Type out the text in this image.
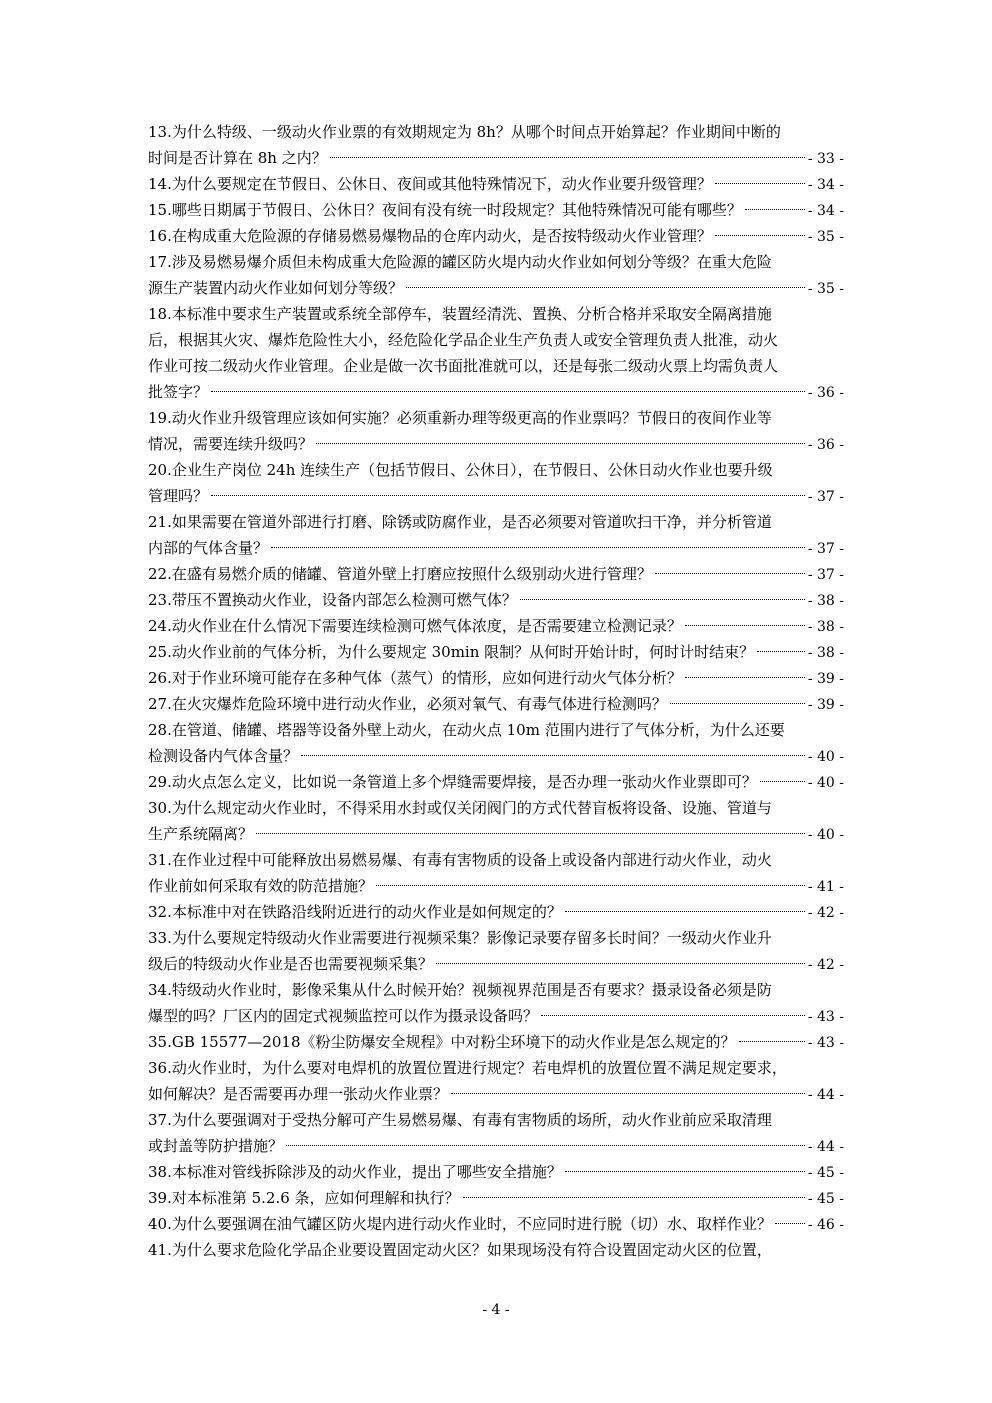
13.为什么特级、一级动火作业票的有效期规定为 8h？从哪个时间点开始算起？作业期间中断的
时间是否计算在 8h 之内？	- 33 -
14.为什么要规定在节假日、公休日、夜间或其他特殊情况下，动火作业要升级管理？	- 34 -
15.哪些日期属于节假日、公休日？夜间有没有统一时段规定？其他特殊情况可能有哪些？	- 34 -
16.在构成重大危险源的存储易燃易爆物品的仓库内动火，是否按特级动火作业管理？	- 35 -
17.涉及易燃易爆介质但未构成重大危险源的罐区防火堤内动火作业如何划分等级？在重大危险
源生产装置内动火作业如何划分等级？	- 35 -
18.本标准中要求生产装置或系统全部停车，装置经清洗、置换、分析合格并采取安全隔离措施
后，根据其火灾、爆炸危险性大小，经危险化学品企业生产负责人或安全管理负责人批准，动火
作业可按二级动火作业管理。企业是做一次书面批准就可以，还是每张二级动火票上均需负责人
批签字？	- 36 -
19.动火作业升级管理应该如何实施？必须重新办理等级更高的作业票吗？节假日的夜间作业等
情况，需要连续升级吗？	- 36 -
20.企业生产岗位 24h 连续生产（包括节假日、公休日），在节假日、公休日动火作业也要升级
管理吗？	- 37 -
21.如果需要在管道外部进行打磨、除锈或防腐作业，是否必须要对管道吹扫干净，并分析管道
内部的气体含量？	- 37 -
22.在盛有易燃介质的储罐、管道外壁上打磨应按照什么级别动火进行管理？	- 37 -
23.带压不置换动火作业，设备内部怎么检测可燃气体？	- 38 -
24.动火作业在什么情况下需要连续检测可燃气体浓度，是否需要建立检测记录？	- 38 -
25.动火作业前的气体分析，为什么要规定 30min 限制？从何时开始计时，何时计时结束？	- 38 -
26.对于作业环境可能存在多种气体（蒸气）的情形，应如何进行动火气体分析？	- 39 -
27.在火灾爆炸危险环境中进行动火作业，必须对氧气、有毒气体进行检测吗？	- 39 -
28.在管道、储罐、塔器等设备外壁上动火，在动火点 10m 范围内进行了气体分析，为什么还要
检测设备内气体含量？	- 40 -
29.动火点怎么定义，比如说一条管道上多个焊缝需要焊接，是否办理一张动火作业票即可？	- 40 -
30.为什么规定动火作业时，不得采用水封或仅关闭阀门的方式代替盲板将设备、设施、管道与
生产系统隔离？	- 40 -
31.在作业过程中可能释放出易燃易爆、有毒有害物质的设备上或设备内部进行动火作业，动火
作业前如何采取有效的防范措施？	- 41 -
32.本标准中对在铁路沿线附近进行的动火作业是如何规定的？	- 42 -
33.为什么要规定特级动火作业需要进行视频采集？影像记录要存留多长时间？一级动火作业升
级后的特级动火作业是否也需要视频采集？	- 42 -
34.特级动火作业时，影像采集从什么时候开始？视频视界范围是否有要求？摄录设备必须是防
爆型的吗？厂区内的固定式视频监控可以作为摄录设备吗？	- 43 -
35.GB 15577—2018《粉尘防爆安全规程》中对粉尘环境下的动火作业是怎么规定的？	- 43 -
36.动火作业时，为什么要对电焊机的放置位置进行规定？若电焊机的放置位置不满足规定要求，
如何解决？是否需要再办理一张动火作业票？	- 44 -
37.为什么要强调对于受热分解可产生易燃易爆、有毒有害物质的场所，动火作业前应采取清理
或封盖等防护措施？	- 44 -
38.本标准对管线拆除涉及的动火作业，提出了哪些安全措施？	- 45 -
39.对本标准第 5.2.6 条，应如何理解和执行？	- 45 -
40.为什么要强调在油气罐区防火堤内进行动火作业时，不应同时进行脱（切）水、取样作业？	- 46 -
41.为什么要求危险化学品企业要设置固定动火区？如果现场没有符合设置固定动火区的位置，
- 4 -
